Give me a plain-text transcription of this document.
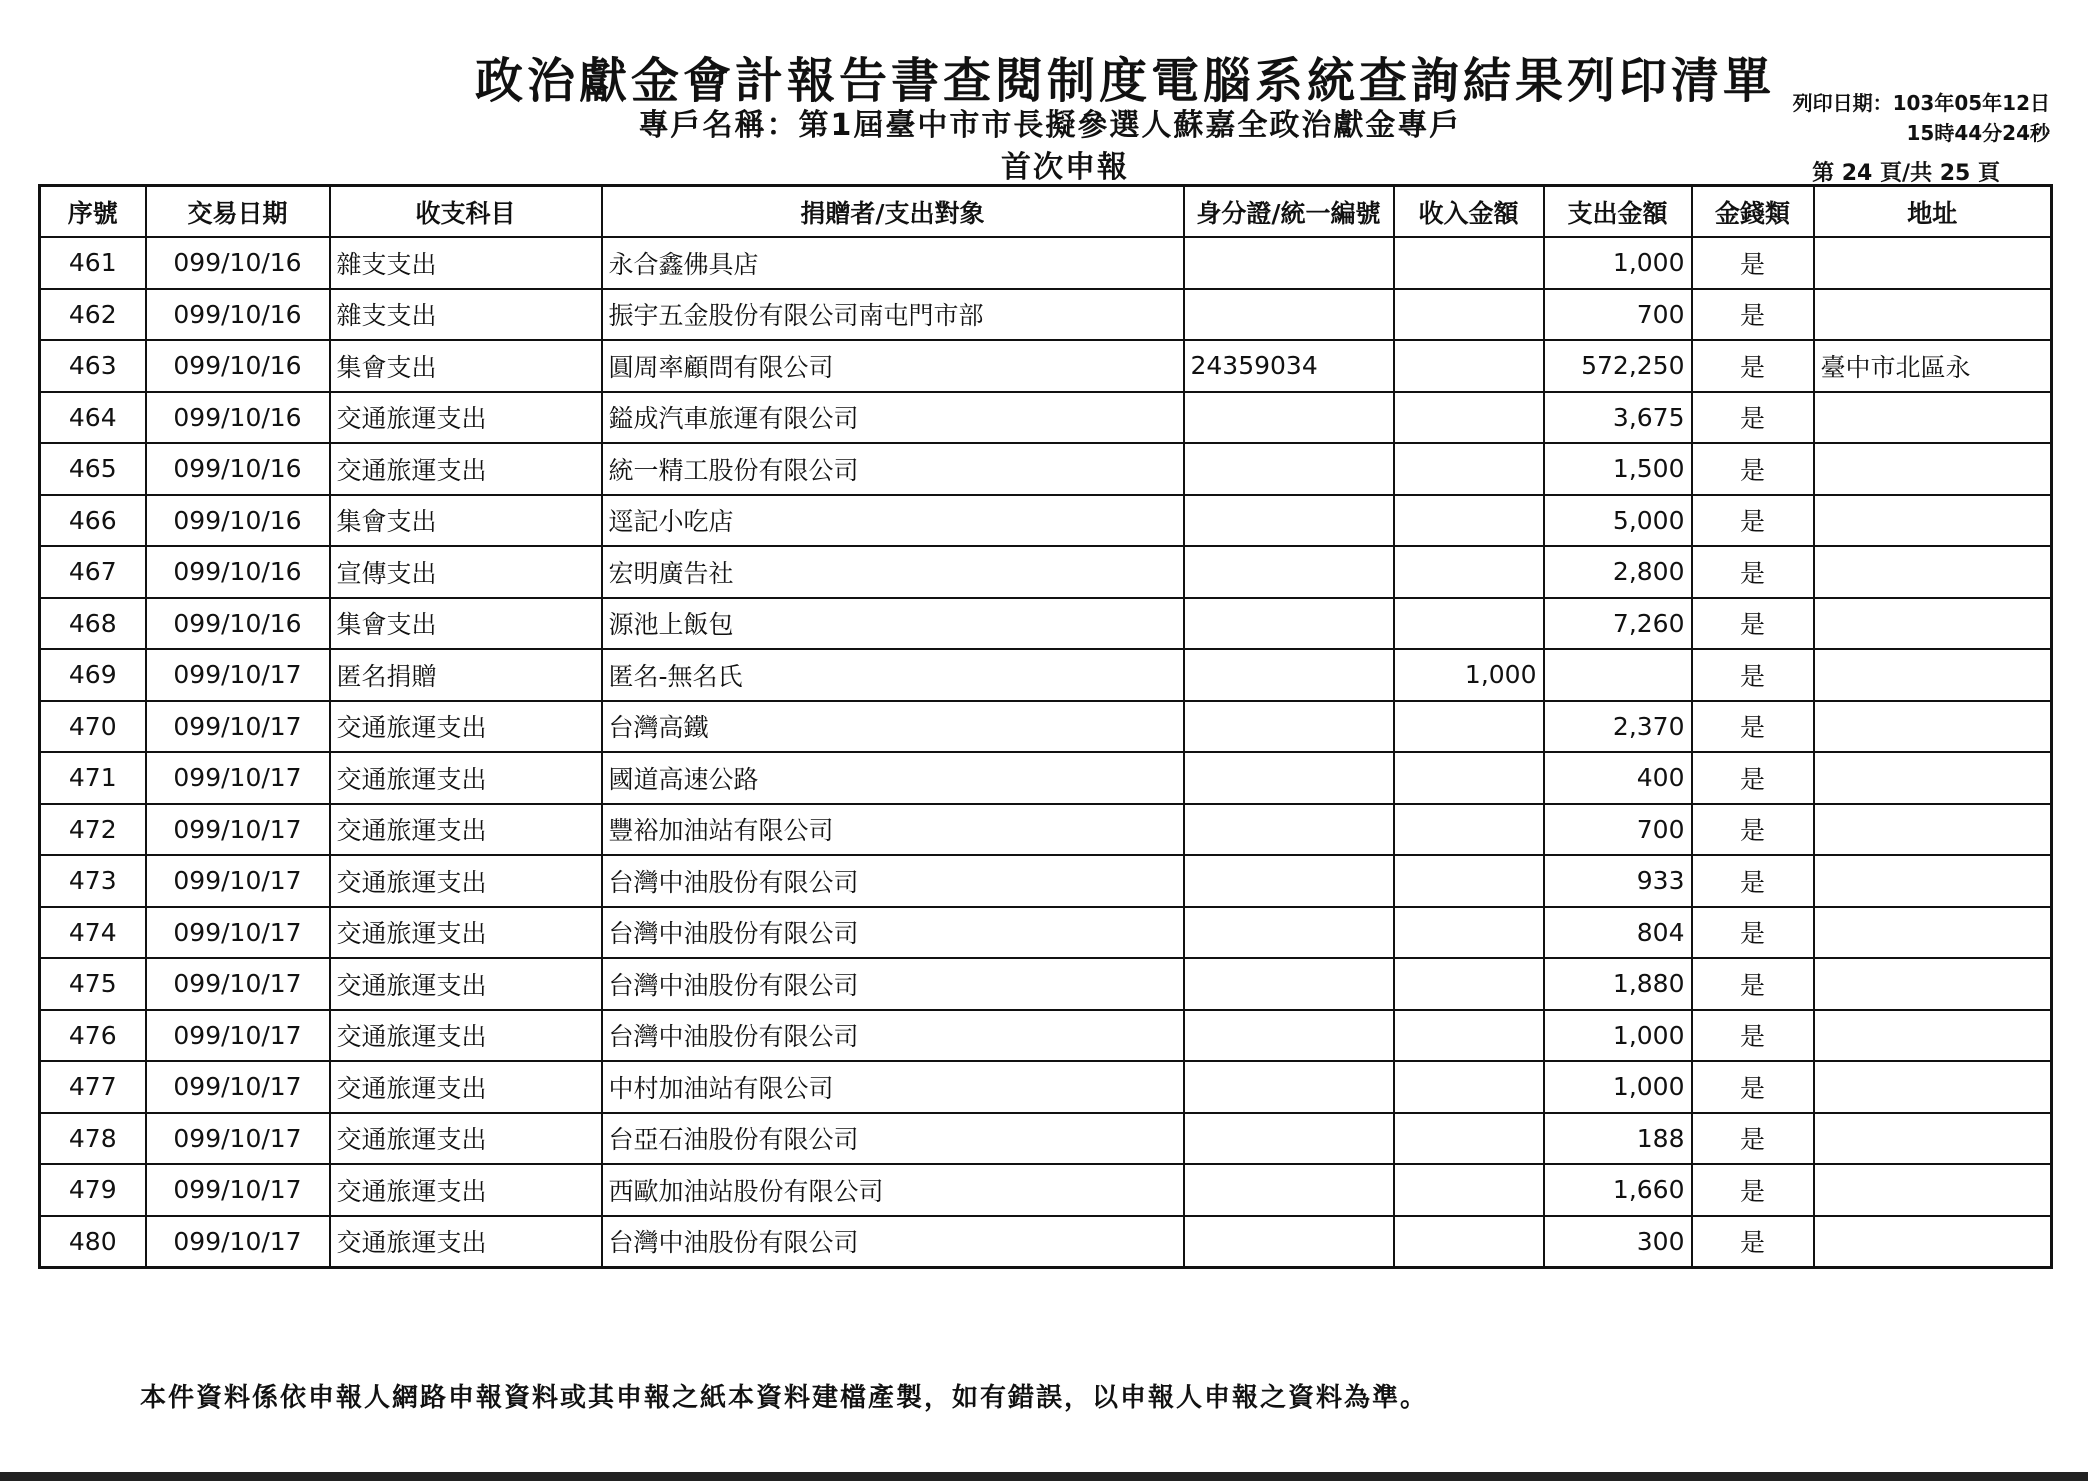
政治獻金會計報告書查閱制度電腦系統查詢結果列印清單
專戶名稱：第1屆臺中市市長擬參選人蘇嘉全政治獻金專戶
首次申報
列印日期：103年05年12日
15時44分24秒
第 24 頁/共 25 頁
序號	交易日期	收支科目	捐贈者/支出對象	身分證/統一編號	收入金額	支出金額	金錢類	地址
461	099/10/16	雜支支出	永合鑫佛具店			1,000	是	
462	099/10/16	雜支支出	振宇五金股份有限公司南屯門市部			700	是	
463	099/10/16	集會支出	圓周率顧問有限公司	24359034		572,250	是	臺中市北區永
464	099/10/16	交通旅運支出	鎰成汽車旅運有限公司			3,675	是	
465	099/10/16	交通旅運支出	統一精工股份有限公司			1,500	是	
466	099/10/16	集會支出	逕記小吃店			5,000	是	
467	099/10/16	宣傳支出	宏明廣告社			2,800	是	
468	099/10/16	集會支出	源池上飯包			7,260	是	
469	099/10/17	匿名捐贈	匿名-無名氏		1,000		是	
470	099/10/17	交通旅運支出	台灣高鐵			2,370	是	
471	099/10/17	交通旅運支出	國道高速公路			400	是	
472	099/10/17	交通旅運支出	豐裕加油站有限公司			700	是	
473	099/10/17	交通旅運支出	台灣中油股份有限公司			933	是	
474	099/10/17	交通旅運支出	台灣中油股份有限公司			804	是	
475	099/10/17	交通旅運支出	台灣中油股份有限公司			1,880	是	
476	099/10/17	交通旅運支出	台灣中油股份有限公司			1,000	是	
477	099/10/17	交通旅運支出	中村加油站有限公司			1,000	是	
478	099/10/17	交通旅運支出	台亞石油股份有限公司			188	是	
479	099/10/17	交通旅運支出	西歐加油站股份有限公司			1,660	是	
480	099/10/17	交通旅運支出	台灣中油股份有限公司			300	是	
本件資料係依申報人網路申報資料或其申報之紙本資料建檔產製，如有錯誤，以申報人申報之資料為準。
